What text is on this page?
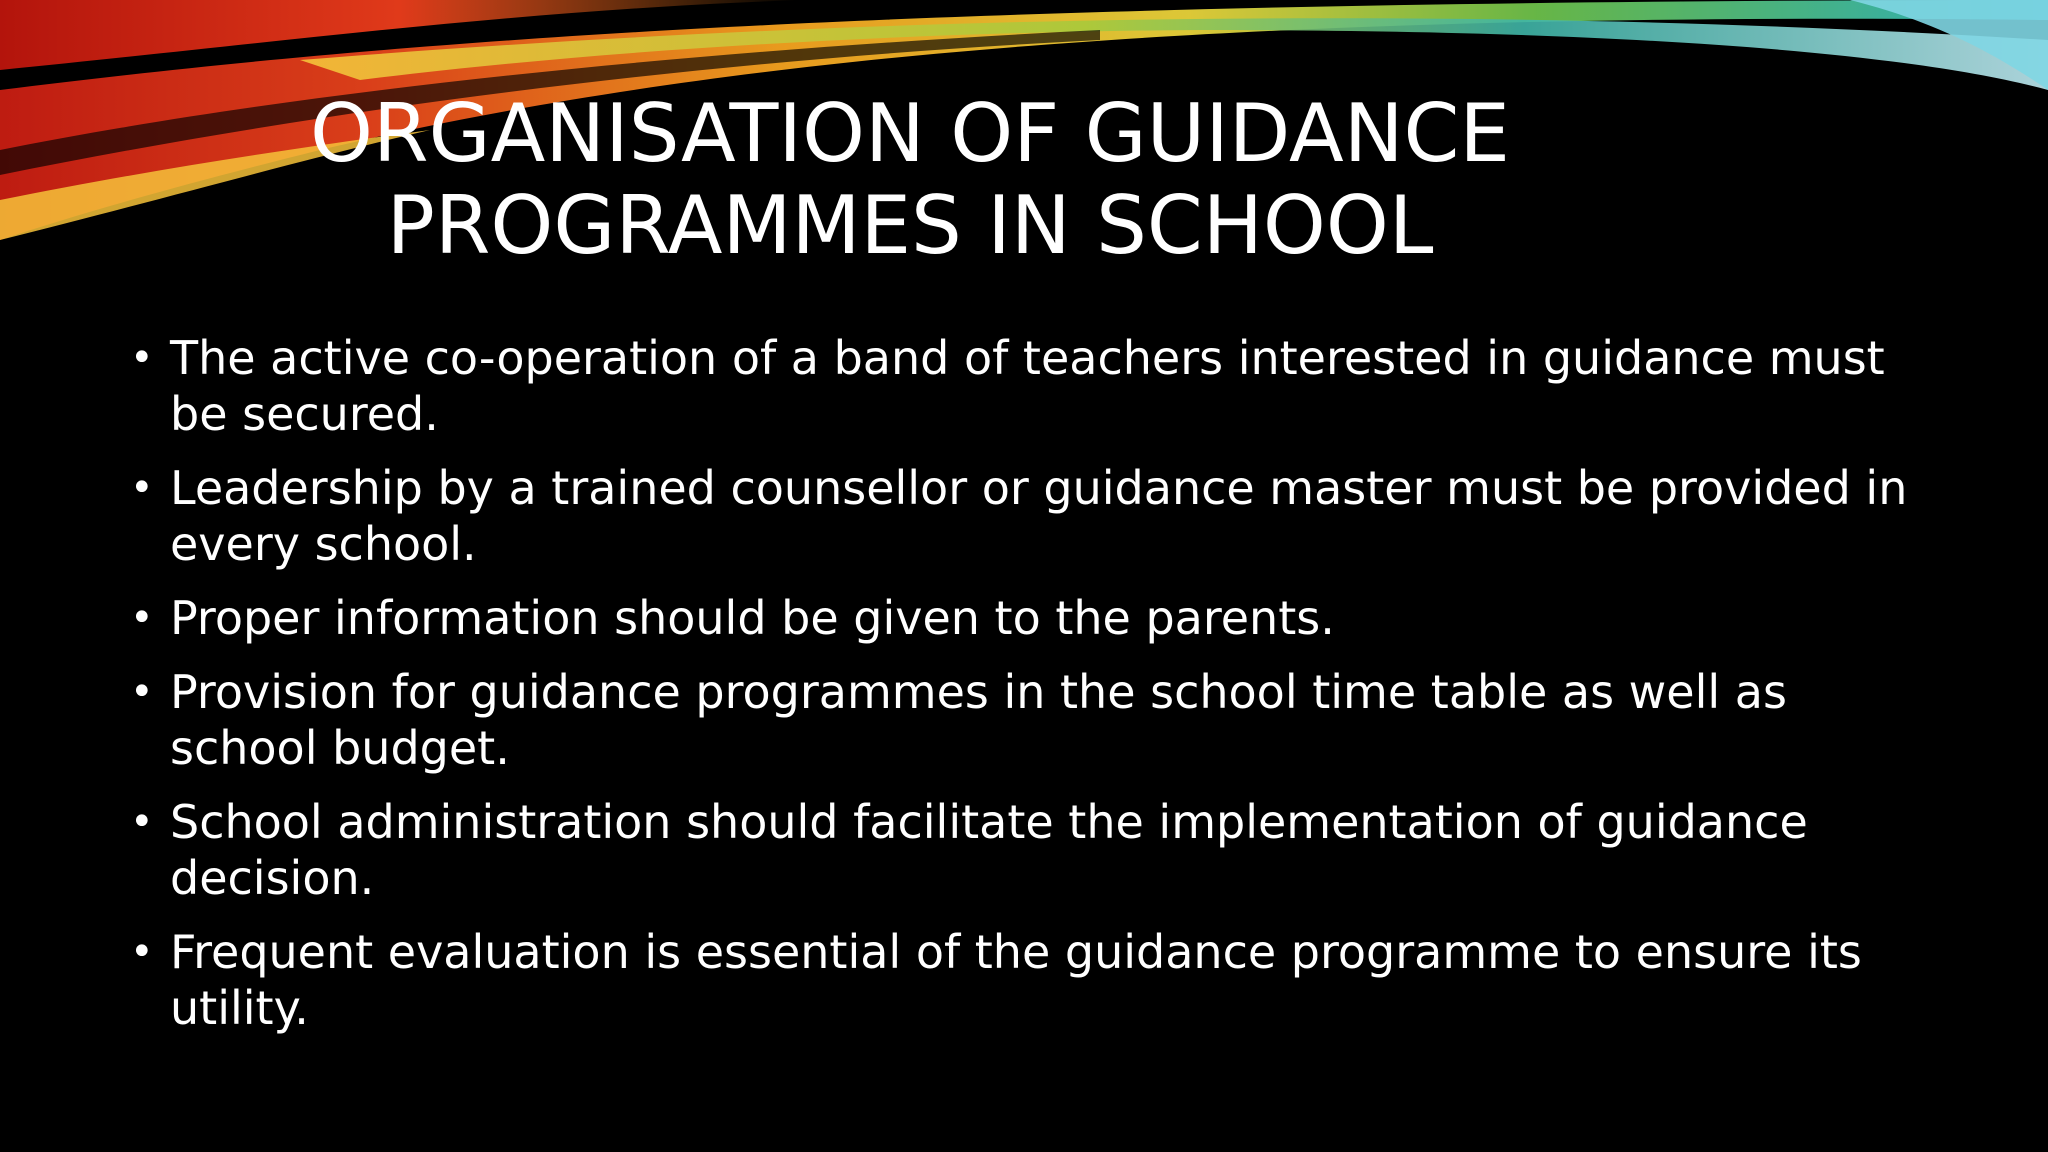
ORGANISATION OF GUIDANCE
PROGRAMMES IN SCHOOL
• The active co-operation of a band of teachers interested in guidance must be secured.
• Leadership by a trained counsellor or guidance master must be provided in every school.
• Proper information should be given to the parents.
• Provision for guidance programmes in the school time table as well as school budget.
• School administration should facilitate the implementation of guidance decision.
• Frequent evaluation is essential of the guidance programme to ensure its utility.
